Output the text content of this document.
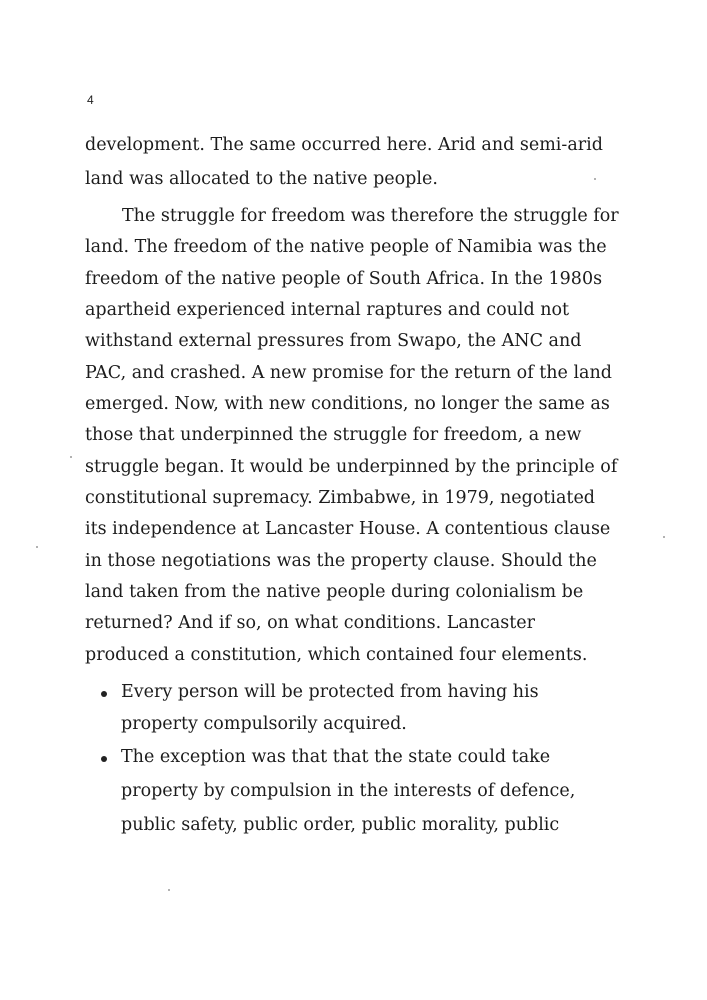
4
development. The same occurred here. Arid and semi-arid
land was allocated to the native people.
The struggle for freedom was therefore the struggle for
land. The freedom of the native people of Namibia was the
freedom of the native people of South Africa. In the 1980s
apartheid experienced internal raptures and could not
withstand external pressures from Swapo, the ANC and
PAC, and crashed. A new promise for the return of the land
emerged. Now, with new conditions, no longer the same as
those that underpinned the struggle for freedom, a new
struggle began. It would be underpinned by the principle of
constitutional supremacy. Zimbabwe, in 1979, negotiated
its independence at Lancaster House. A contentious clause
in those negotiations was the property clause. Should the
land taken from the native people during colonialism be
returned? And if so, on what conditions. Lancaster
produced a constitution, which contained four elements.
Every person will be protected from having his
property compulsorily acquired.
The exception was that that the state could take
property by compulsion in the interests of defence,
public safety, public order, public morality, public
